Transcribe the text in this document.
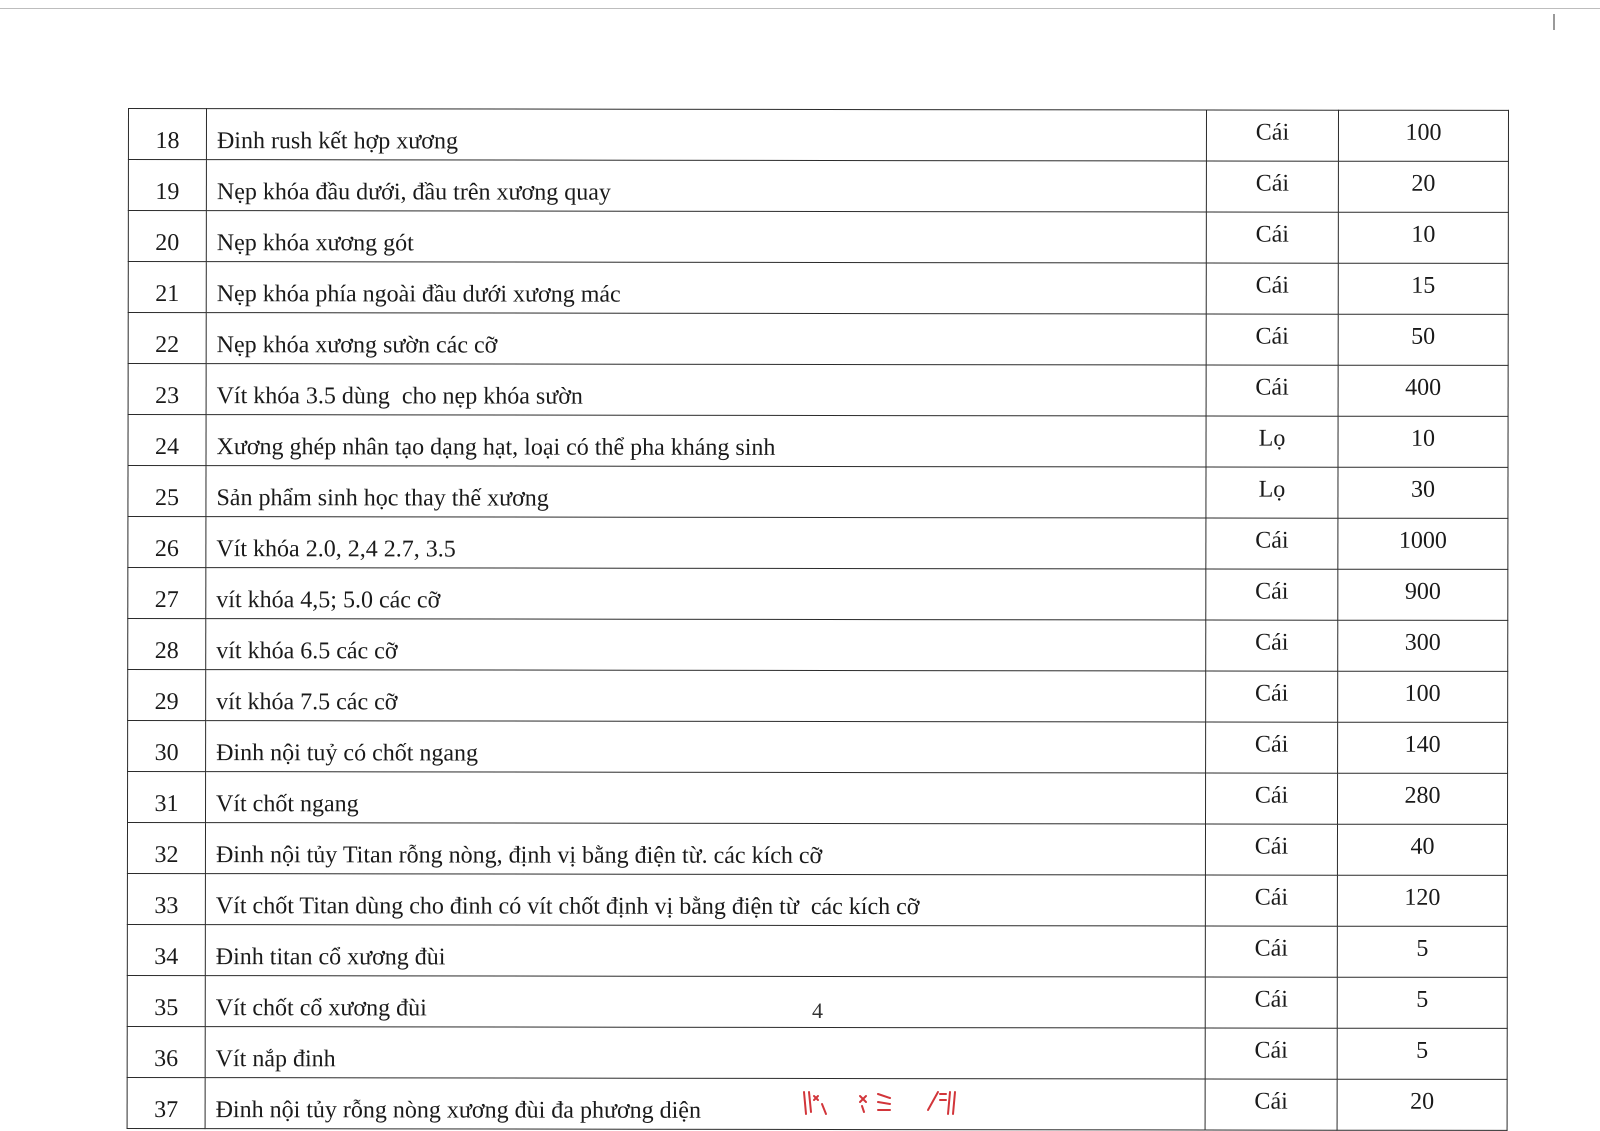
18	Đinh rush kết hợp xương	Cái	100
19	Nẹp khóa đầu dưới, đầu trên xương quay	Cái	20
20	Nẹp khóa xương gót	Cái	10
21	Nẹp khóa phía ngoài đầu dưới xương mác	Cái	15
22	Nẹp khóa xương sườn các cỡ	Cái	50
23	Vít khóa 3.5 dùng  cho nẹp khóa sườn	Cái	400
24	Xương ghép nhân tạo dạng hạt, loại có thể pha kháng sinh	Lọ	10
25	Sản phẩm sinh học thay thế xương	Lọ	30
26	Vít khóa 2.0, 2,4 2.7, 3.5	Cái	1000
27	vít khóa 4,5; 5.0 các cỡ	Cái	900
28	vít khóa 6.5 các cỡ	Cái	300
29	vít khóa 7.5 các cỡ	Cái	100
30	Đinh nội tuỷ có chốt ngang	Cái	140
31	Vít chốt ngang	Cái	280
32	Đinh nội tủy Titan rỗng nòng, định vị bằng điện từ. các kích cỡ	Cái	40
33	Vít chốt Titan dùng cho đinh có vít chốt định vị bằng điện từ  các kích cỡ	Cái	120
34	Đinh titan cổ xương đùi	Cái	5
35	Vít chốt cổ xương đùi	Cái	5
36	Vít nắp đinh	Cái	5
37	Đinh nội tủy rỗng nòng xương đùi đa phương diện	Cái	20
4
